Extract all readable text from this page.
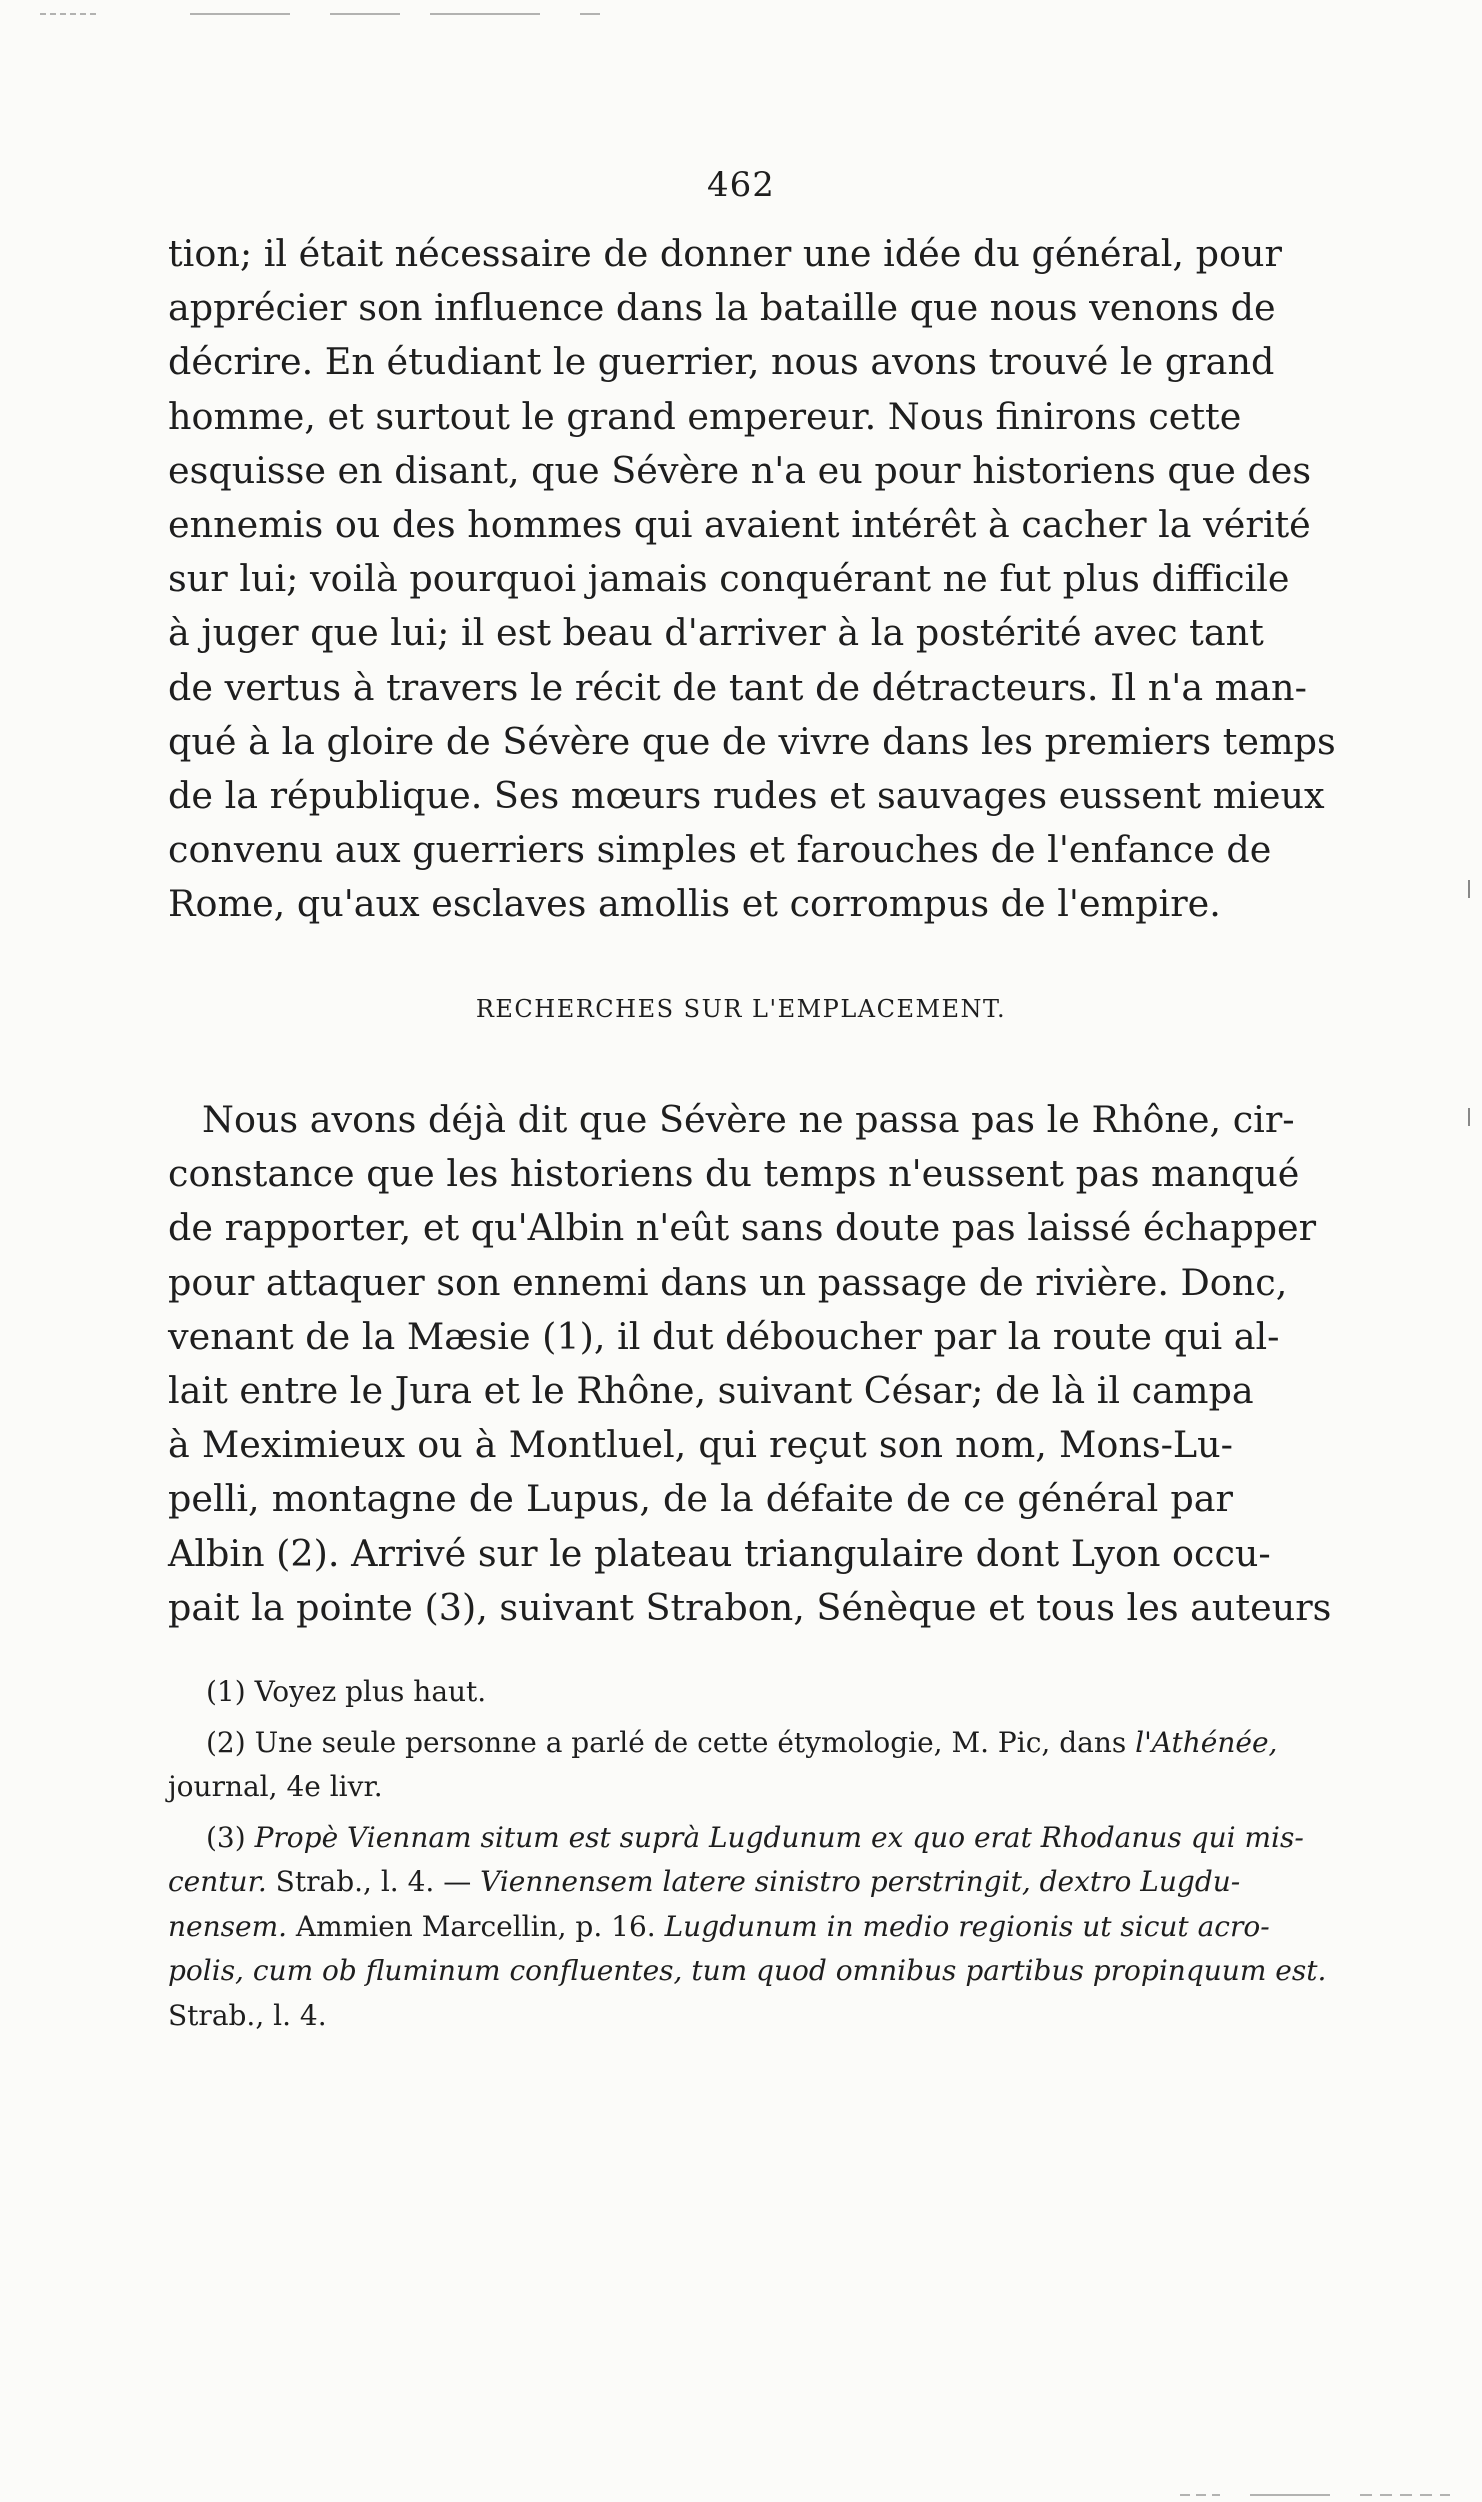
462
tion; il était nécessaire de donner une idée du général, pour
apprécier son influence dans la bataille que nous venons de
décrire. En étudiant le guerrier, nous avons trouvé le grand
homme, et surtout le grand empereur. Nous finirons cette
esquisse en disant, que Sévère n'a eu pour historiens que des
ennemis ou des hommes qui avaient intérêt à cacher la vérité
sur lui; voilà pourquoi jamais conquérant ne fut plus difficile
à juger que lui; il est beau d'arriver à la postérité avec tant
de vertus à travers le récit de tant de détracteurs. Il n'a man-
qué à la gloire de Sévère que de vivre dans les premiers temps
de la république. Ses mœurs rudes et sauvages eussent mieux
convenu aux guerriers simples et farouches de l'enfance de
Rome, qu'aux esclaves amollis et corrompus de l'empire.
RECHERCHES SUR L'EMPLACEMENT.
Nous avons déjà dit que Sévère ne passa pas le Rhône, cir-
constance que les historiens du temps n'eussent pas manqué
de rapporter, et qu'Albin n'eût sans doute pas laissé échapper
pour attaquer son ennemi dans un passage de rivière. Donc,
venant de la Mæsie (1), il dut déboucher par la route qui al-
lait entre le Jura et le Rhône, suivant César; de là il campa
à Meximieux ou à Montluel, qui reçut son nom, Mons-Lu-
pelli, montagne de Lupus, de la défaite de ce général par
Albin (2). Arrivé sur le plateau triangulaire dont Lyon occu-
pait la pointe (3), suivant Strabon, Sénèque et tous les auteurs
(1) Voyez plus haut.
(2) Une seule personne a parlé de cette étymologie, M. Pic, dans l'Athénée,
journal, 4e livr.
(3) Propè Viennam situm est suprà Lugdunum ex quo erat Rhodanus qui mis-
centur. Strab., l. 4. — Viennensem latere sinistro perstringit, dextro Lugdu-
nensem. Ammien Marcellin, p. 16. Lugdunum in medio regionis ut sicut acro-
polis, cum ob fluminum confluentes, tum quod omnibus partibus propinquum est.
Strab., l. 4.
